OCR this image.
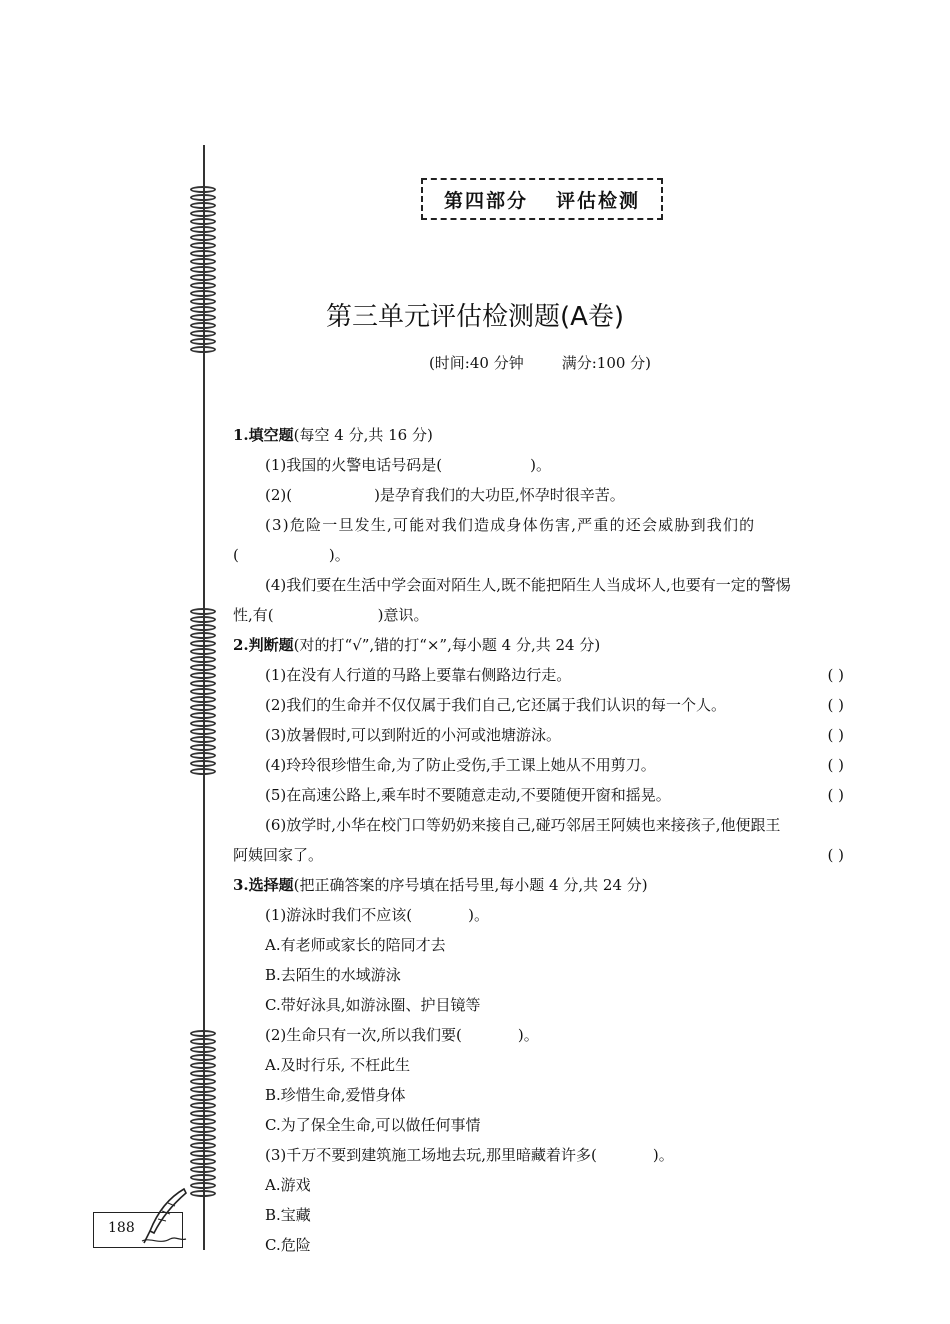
第四部分 评估检测
第三单元评估检测题(A卷)
(时间:40 分钟	满分:100 分)
1.填空题(每空 4 分,共 16 分)
(1)我国的火警电话号码是(	)。
(2)(	)是孕育我们的大功臣,怀孕时很辛苦。
(3)危险一旦发生,可能对我们造成身体伤害,严重的还会威胁到我们的
(	)。
(4)我们要在生活中学会面对陌生人,既不能把陌生人当成坏人,也要有一定的警惕
性,有(	)意识。
2.判断题(对的打“√”,错的打“×”,每小题 4 分,共 24 分)
(1)在没有人行道的马路上要靠右侧路边行走。	( )
(2)我们的生命并不仅仅属于我们自己,它还属于我们认识的每一个人。	( )
(3)放暑假时,可以到附近的小河或池塘游泳。	( )
(4)玲玲很珍惜生命,为了防止受伤,手工课上她从不用剪刀。	( )
(5)在高速公路上,乘车时不要随意走动,不要随便开窗和摇晃。	( )
(6)放学时,小华在校门口等奶奶来接自己,碰巧邻居王阿姨也来接孩子,他便跟王
阿姨回家了。	( )
3.选择题(把正确答案的序号填在括号里,每小题 4 分,共 24 分)
(1)游泳时我们不应该(	)。
A.有老师或家长的陪同才去
B.去陌生的水域游泳
C.带好泳具,如游泳圈、护目镜等
(2)生命只有一次,所以我们要(	)。
A.及时行乐, 不枉此生
B.珍惜生命,爱惜身体
C.为了保全生命,可以做任何事情
(3)千万不要到建筑施工场地去玩,那里暗藏着许多(	)。
A.游戏
B.宝藏
C.危险
188
